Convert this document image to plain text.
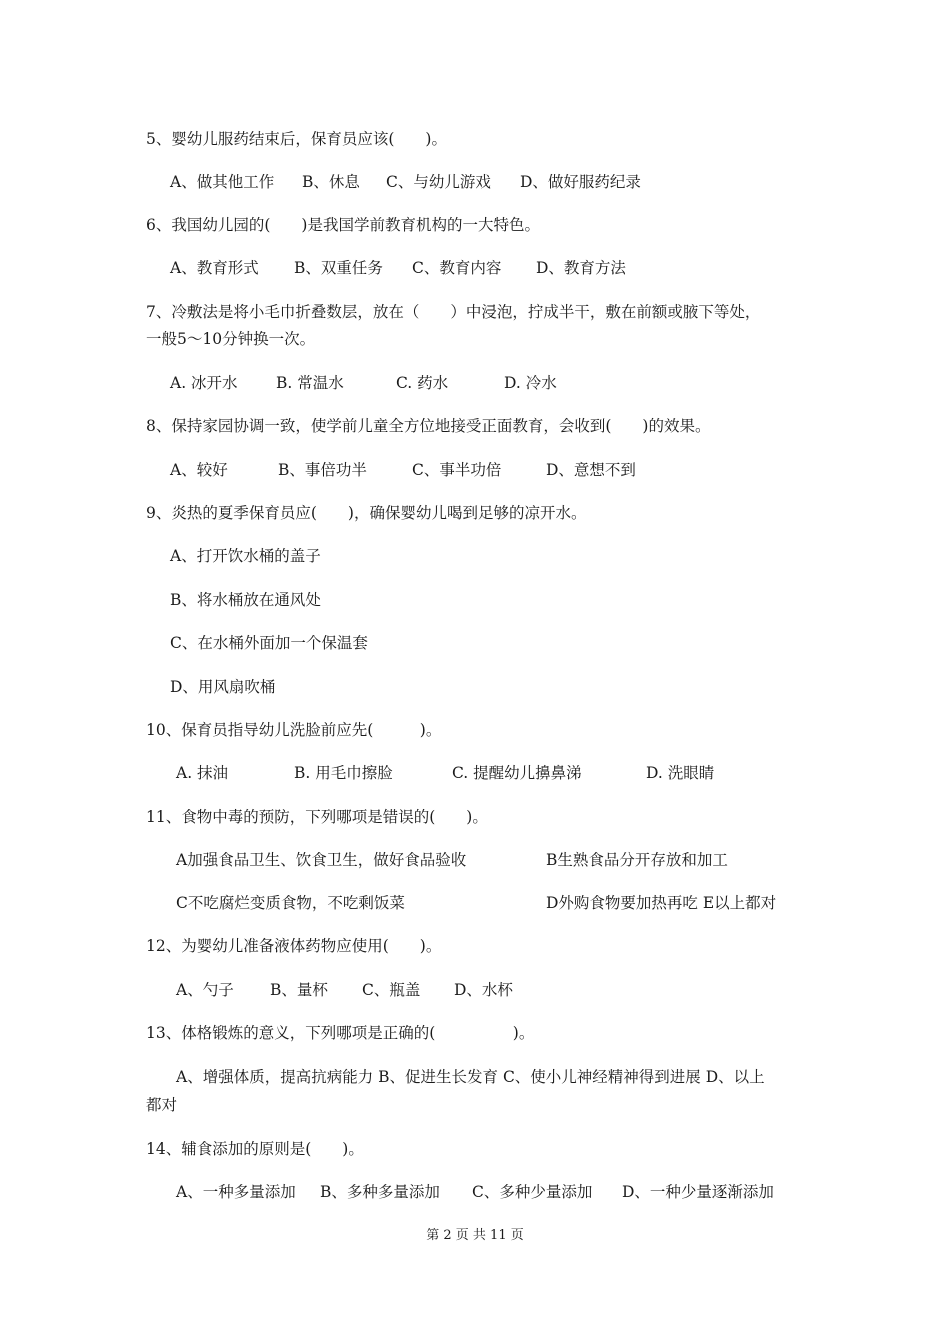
5、婴幼儿服药结束后，保育员应该(　　)。

A、做其他工作

B、休息

C、与幼儿游戏

D、做好服药纪录

6、我国幼儿园的(　　)是我国学前教育机构的一大特色。

A、教育形式

B、双重任务

C、教育内容

D、教育方法

7、冷敷法是将小毛巾折叠数层，放在（　　）中浸泡，拧成半干，敷在前额或腋下等处，
一般5～10分钟换一次。

A. 冰开水

B. 常温水

	C. 药水

	D. 冷水

8、保持家园协调一致，使学前儿童全方位地接受正面教育，会收到(　　)的效果。

A、较好

	B、事倍功半

	C、事半功倍

	D、意想不到

9、炎热的夏季保育员应(　　)，确保婴幼儿喝到足够的凉开水。
A、打开饮水桶的盖子
B、将水桶放在通风处
C、在水桶外面加一个保温套
D、用风扇吹桶
10、保育员指导幼儿洗脸前应先(　　　)。

A. 抹油

	B. 用毛巾擦脸

	C. 提醒幼儿擤鼻涕

	D. 洗眼睛

11、食物中毒的预防，下列哪项是错误的(　　)。

A加强食品卫生、饮食卫生，做好食品验收

	B生熟食品分开存放和加工

C不吃腐烂变质食物，不吃剩饭菜

	D外购食物要加热再吃 E以上都对

12、为婴幼儿准备液体药物应使用(　　)。

A、勺子

B、量杯

C、瓶盖

D、水杯

13、体格锻炼的意义，下列哪项是正确的(　　　　　)。
A、增强体质，提高抗病能力 B、促进生长发育 C、使小儿神经精神得到进展 D、以上
都对
14、辅食添加的原则是(　　)。

A、一种多量添加

B、多种多量添加

C、多种少量添加

D、一种少量逐渐添加

第 2 页 共 11 页
